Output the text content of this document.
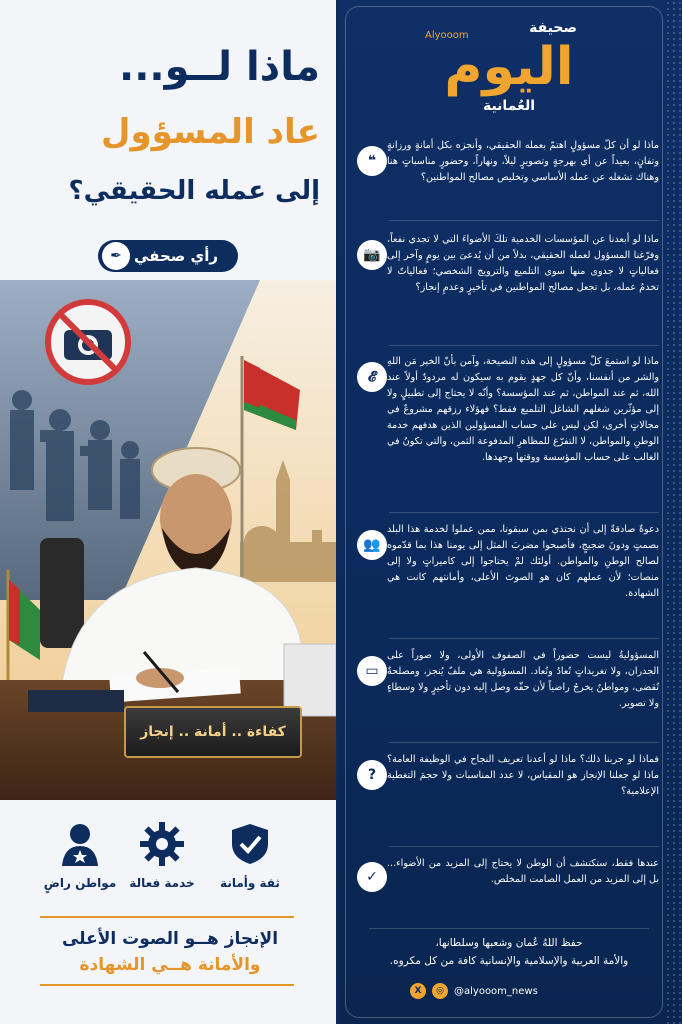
ماذا لــو...
عاد المسؤول
إلى عمله الحقيقي؟
✒ رأي صحفي
كفاءة .. أمانة .. إنجاز
ثقة وأمانة
خدمة فعالة
مواطن راضٍ
الإنجاز هــو الصوت الأعلى
والأمانة هــي الشهادة
صحيفة
Alyooom
اليوم
العُمانية
❝
ماذا لو أن كلّ مسؤولٍ اهتمّ بعمله الحقيقي، وأنجزه بكل أمانةٍ ورزانةٍ وتفانٍ، بعيداً عن أي بهرجةٍ وتصويرٍ ليلاً، ونهاراً، وحضورٍ مناسباتٍ هنا وهناك تشغله عن عمله الأساسي وتخليص مصالح المواطنين؟
📷
ماذا لو أبعدنا عن المؤسسات الخدمية تلكَ الأضواءَ التي لا تجدي نفعاً، وفرّغنا المسؤول لعمله الحقيقي، بدلاً من أن يُدعىَ بين يومٍ وآخر إلى فعالياتٍ لا جدوى منها سوى التلميع والترويج الشخصي؛ فعالياتٌ لا تخدمُ عمله، بل تجعل مصالح المواطنين في تأخيرٍ وعدمِ إنجاز؟
𝓔
ماذا لو استمعَ كلّ مسؤولٍ إلى هذه النصيحة، وآمن بأنّ الخير مَن اللهِ والشر من أنفسنا، وأنّ كل جهدٍ يقوم به سيكون له مردودٌ أولاً عند الله، ثم عند المواطن، ثم عند المؤسسة؟ وأنّه لا يحتاج إلى تطبيلٍ ولا إلى مؤثّرين شغلهم الشاغل التلميع فقط؟ فهؤلاء رزقهم مشروعٌ في مجالاتٍ أخرى، لكن ليس على حساب المسؤولين الذين هدفهم خدمة الوطنِ والمواطن، لا التفرّغ للمظاهرِ المدفوعة الثمن، والتي تكونُ في الغالب على حساب المؤسسة ووقتها وجهدها.
👥
دعوةٌ صادقةٌ إلى أن نحتذي بمن سبقونا، ممن عملوا لخدمة هذا البلد بصمتٍ ودونَ ضجيجٍ، فأصبحوا مضربَ المثل إلى يومنا هذا بما قدّموه لصالح الوطنِ والمواطن. أولئك لمْ يحتاجوا إلى كاميراتٍ ولا إلى منصات؛ لأن عملهم كان هو الصوتَ الأعلى، وأمانتهم كانت هي الشهادة.
▭
المسؤوليةُ ليست حضوراً في الصفوف الأولى، ولا صوراً على الجدران، ولا تغريداتٍ تُعادُ وتُعاد. المسؤولية هي ملفٌ يُنجز، ومصلحةٌ تُقضى، ومواطنٌ يخرجُ راضياً لأن حقّه وصل إليه دون تأخيرٍ ولا وسطاءٍ ولا تصوير.
?
فماذا لو جربنا ذلك؟ ماذا لو أعدنا تعريف النجاح في الوظيفة العامة؟ ماذا لو جعلنا الإنجاز هو المقياس، لا عدد المناسبات ولا حجمَ التغطية الإعلامية؟
✓
عندها فقط، ستكتشف أن الوطن لا يحتاج إلى المزيد من الأضواء... بل إلى المزيد من العمل الصامت المخلص.
حفظ اللهُ عُمان وشعبها وسلطانها،
والأمة العربية والإسلامية والإنسانية كافة من كل مكروه.
X	◎	@alyooom_news
